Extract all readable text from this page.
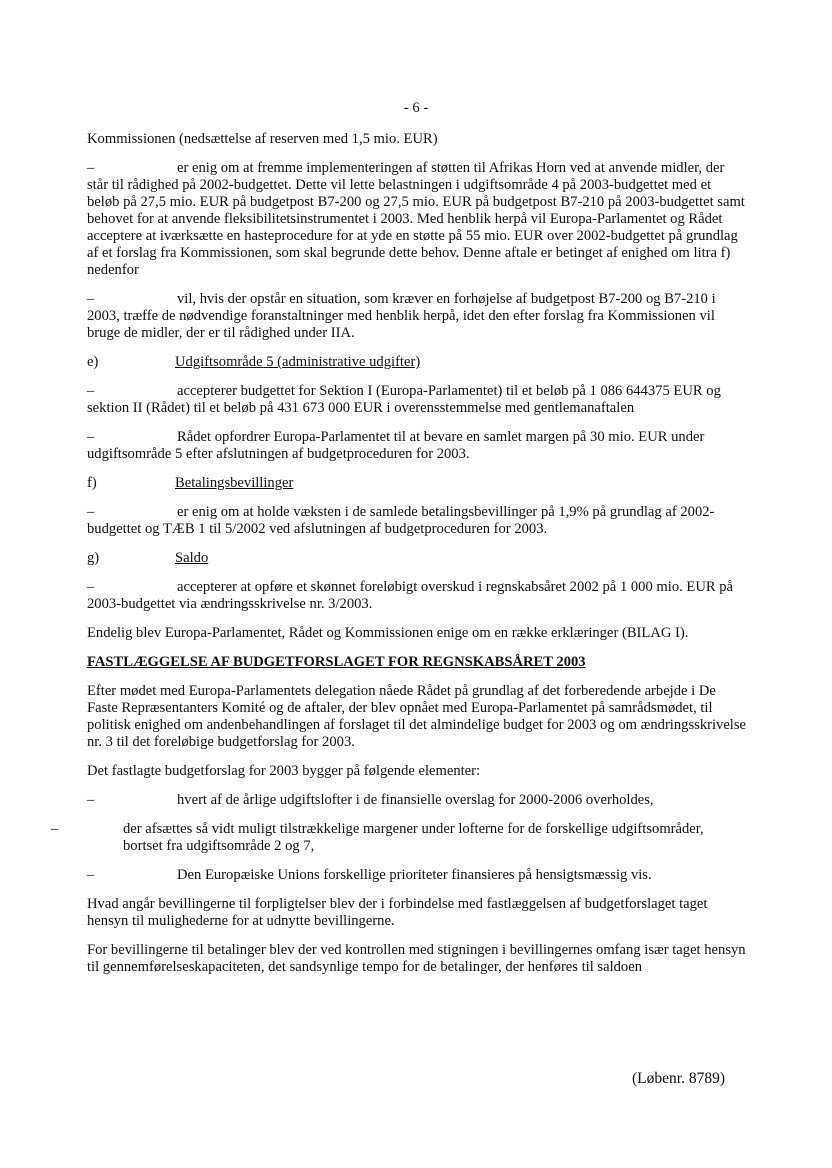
- 6 -

Kommissionen (nedsættelse af reserven med 1,5 mio. EUR)

–	er enig om at fremme implementeringen af støtten til Afrikas Horn ved at anvende midler, der står til rådighed på 2002-budgettet. Dette vil lette belastningen i udgiftsområde 4 på 2003-budgettet med et beløb på 27,5 mio. EUR på budgetpost B7-200 og 27,5 mio. EUR på budgetpost B7-210 på 2003-budgettet samt behovet for at anvende fleksibilitetsinstrumentet i 2003. Med henblik herpå vil Europa-Parlamentet og Rådet acceptere at iværksætte en hasteprocedure for at yde en støtte på 55 mio. EUR over 2002-budgettet på grundlag af et forslag fra Kommissionen, som skal begrunde dette behov. Denne aftale er betinget af enighed om litra f) nedenfor

–	vil, hvis der opstår en situation, som kræver en forhøjelse af budgetpost B7-200 og B7-210 i 2003, træffe de nødvendige foranstaltninger med henblik herpå, idet den efter forslag fra Kommissionen vil bruge de midler, der er til rådighed under IIA.

e)	Udgiftsområde 5 (administrative udgifter)

–	accepterer budgettet for Sektion I (Europa-Parlamentet) til et beløb på 1 086 644375 EUR og sektion II (Rådet) til et beløb på 431 673 000 EUR i overensstemmelse med gentlemanaftalen

–	Rådet opfordrer Europa-Parlamentet til at bevare en samlet margen på 30 mio. EUR under udgiftsområde 5 efter afslutningen af budgetproceduren for 2003.

f)	Betalingsbevillinger

–	er enig om at holde væksten i de samlede betalingsbevillinger på 1,9% på grundlag af 2002-budgettet og TÆB 1 til 5/2002 ved afslutningen af budgetproceduren for 2003.

g)	Saldo

–	accepterer at opføre et skønnet foreløbigt overskud i regnskabsåret 2002 på 1 000 mio. EUR på 2003-budgettet via ændringsskrivelse nr. 3/2003.

Endelig blev Europa-Parlamentet, Rådet og Kommissionen enige om en række erklæringer (BILAG I).

FASTLÆGGELSE AF BUDGETFORSLAGET FOR REGNSKABSÅRET 2003

Efter mødet med Europa-Parlamentets delegation nåede Rådet på grundlag af det forberedende arbejde i De Faste Repræsentanters Komité og de aftaler, der blev opnået med Europa-Parlamentet på samrådsmødet, til politisk enighed om andenbehandlingen af forslaget til det almindelige budget for 2003 og om ændringsskrivelse nr. 3 til det foreløbige budgetforslag for 2003.

Det fastlagte budgetforslag for 2003 bygger på følgende elementer:

–	hvert af de årlige udgiftslofter i de finansielle overslag for 2000-2006 overholdes,

–	der afsættes så vidt muligt tilstrækkelige margener under lofterne for de forskellige udgiftsområder, bortset fra udgiftsområde 2 og 7,

–	Den Europæiske Unions forskellige prioriteter finansieres på hensigtsmæssig vis.

Hvad angår bevillingerne til forpligtelser blev der i forbindelse med fastlæggelsen af budgetforslaget taget hensyn til mulighederne for at udnytte bevillingerne.

For bevillingerne til betalinger blev der ved kontrollen med stigningen i bevillingernes omfang især taget hensyn til gennemførelseskapaciteten, det sandsynlige tempo for de betalinger, der henføres til saldoen

(Løbenr. 8789)
